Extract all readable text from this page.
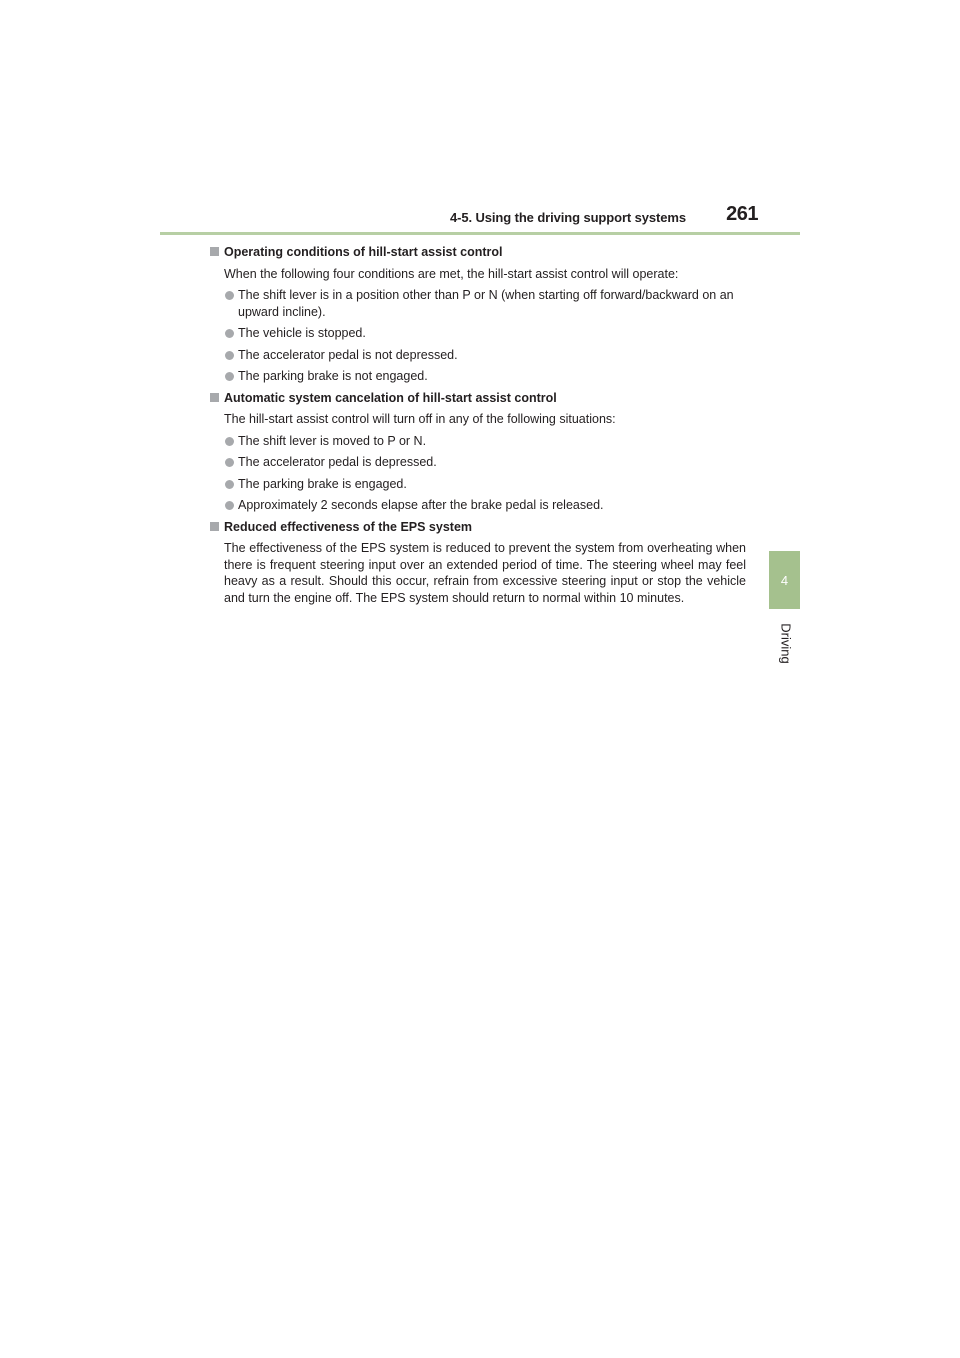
4-5. Using the driving support systems 261
4
Driving
Operating conditions of hill-start assist control
When the following four conditions are met, the hill-start assist control will operate:
The shift lever is in a position other than P or N (when starting off forward/backward on an upward incline).
The vehicle is stopped.
The accelerator pedal is not depressed.
The parking brake is not engaged.
Automatic system cancelation of hill-start assist control
The hill-start assist control will turn off in any of the following situations:
The shift lever is moved to P or N.
The accelerator pedal is depressed.
The parking brake is engaged.
Approximately 2 seconds elapse after the brake pedal is released.
Reduced effectiveness of the EPS system
The effectiveness of the EPS system is reduced to prevent the system from overheating when there is frequent steering input over an extended period of time. The steering wheel may feel heavy as a result. Should this occur, refrain from excessive steering input or stop the vehicle and turn the engine off. The EPS system should return to normal within 10 minutes.
